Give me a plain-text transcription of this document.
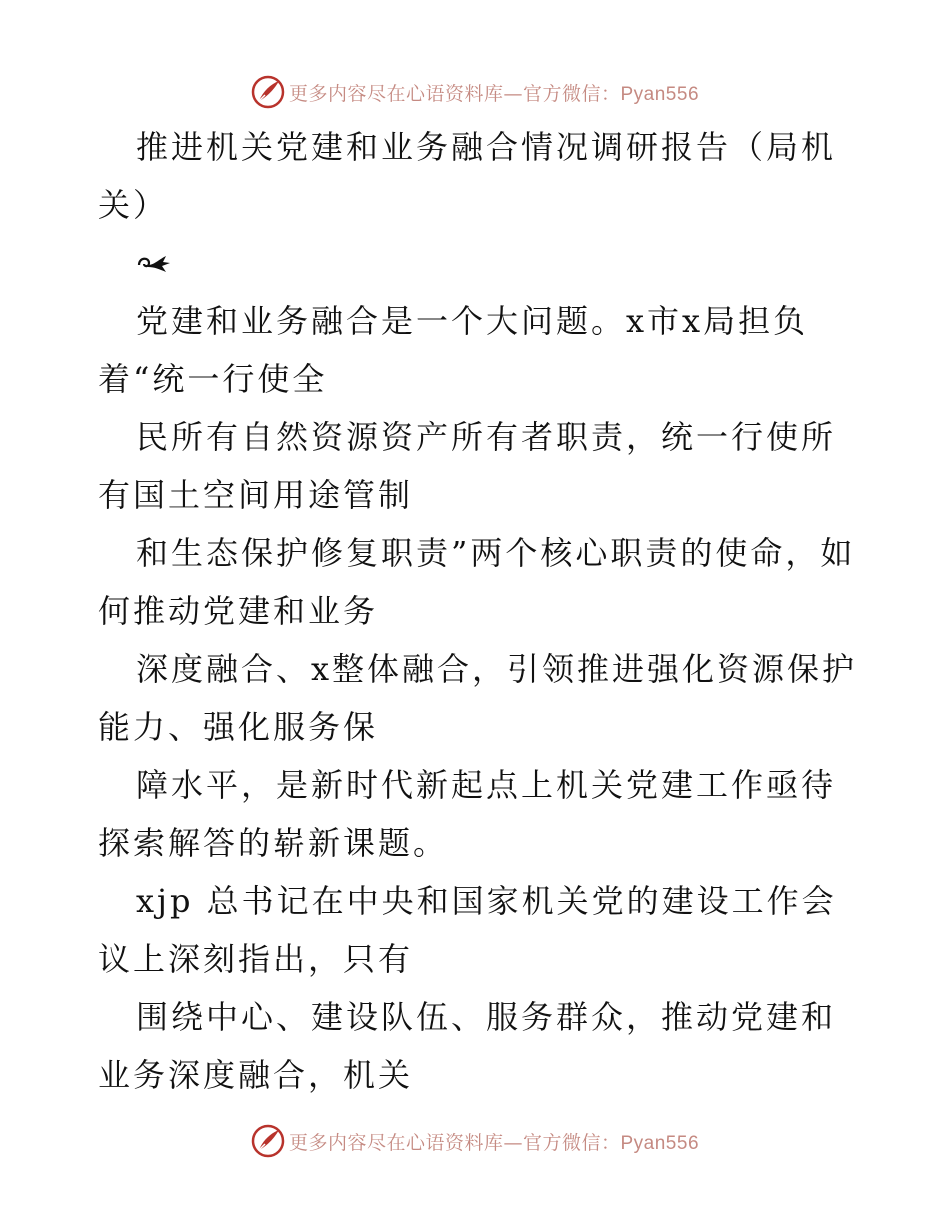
更多内容尽在心语资料库—官方微信：Pyan556

推进机关党建和业务融合情况调研报告（局机关）

党建和业务融合是一个大问题。x市x局担负着“统一行使全

民所有自然资源资产所有者职责，统一行使所有国土空间用途管制

和生态保护修复职责”两个核心职责的使命，如何推动党建和业务

深度融合、x整体融合，引领推进强化资源保护能力、强化服务保

障水平，是新时代新起点上机关党建工作亟待探索解答的崭新课题。

xjp 总书记在中央和国家机关党的建设工作会议上深刻指出，只有

围绕中心、建设队伍、服务群众，推动党建和业务深度融合，机关

更多内容尽在心语资料库—官方微信：Pyan556
